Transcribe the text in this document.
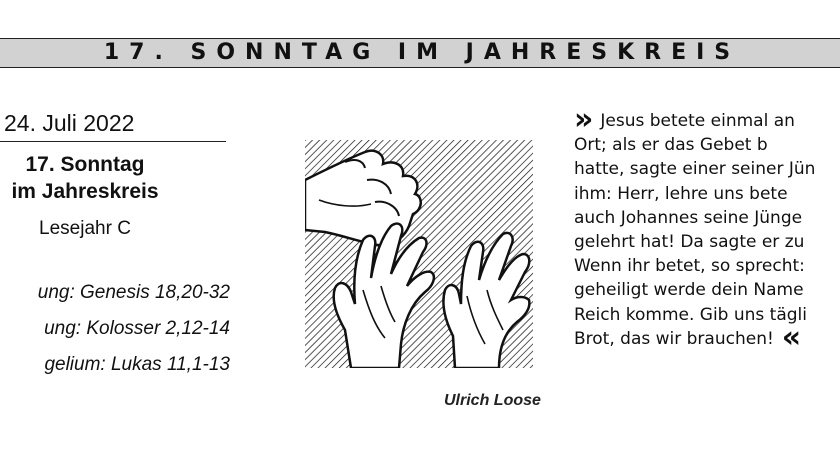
17. SONNTAG IM JAHRESKREIS
24. Juli 2022
17. Sonntag
im Jahreskreis
Lesejahr C
ung: Genesis 18,20-32
ung: Kolosser 2,12-14
gelium: Lukas 11,1-13
Ulrich Loose
» Jesus betete einmal an
Ort; als er das Gebet b
hatte, sagte einer seiner Jün
ihm: Herr, lehre uns bete
auch Johannes seine Jünge
gelehrt hat! Da sagte er zu
Wenn ihr betet, so sprecht:
geheiligt werde dein Name
Reich komme. Gib uns tägli
Brot, das wir brauchen! «
